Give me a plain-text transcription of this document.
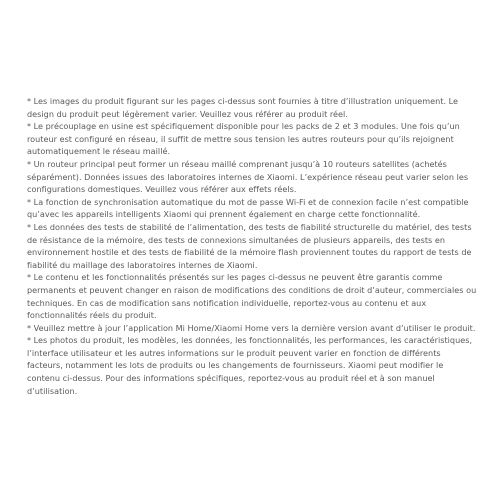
* Les images du produit figurant sur les pages ci-dessus sont fournies à titre d’illustration uniquement. Le design du produit peut légèrement varier. Veuillez vous référer au produit réel.

* Le précouplage en usine est spécifiquement disponible pour les packs de 2 et 3 modules. Une fois qu’un routeur est configuré en réseau, il suffit de mettre sous tension les autres routeurs pour qu’ils rejoignent automatiquement le réseau maillé.

* Un routeur principal peut former un réseau maillé comprenant jusqu’à 10 routeurs satellites (achetés séparément). Données issues des laboratoires internes de Xiaomi. L’expérience réseau peut varier selon les configurations domestiques. Veuillez vous référer aux effets réels.

* La fonction de synchronisation automatique du mot de passe Wi-Fi et de connexion facile n’est compatible qu’avec les appareils intelligents Xiaomi qui prennent également en charge cette fonctionnalité.

* Les données des tests de stabilité de l’alimentation, des tests de fiabilité structurelle du matériel, des tests de résistance de la mémoire, des tests de connexions simultanées de plusieurs appareils, des tests en environnement hostile et des tests de fiabilité de la mémoire flash proviennent toutes du rapport de tests de fiabilité du maillage des laboratoires internes de Xiaomi.

* Le contenu et les fonctionnalités présentés sur les pages ci-dessus ne peuvent être garantis comme permanents et peuvent changer en raison de modifications des conditions de droit d’auteur, commerciales ou techniques. En cas de modification sans notification individuelle, reportez-vous au contenu et aux fonctionnalités réels du produit.

* Veuillez mettre à jour l’application Mi Home/Xiaomi Home vers la dernière version avant d’utiliser le produit.

* Les photos du produit, les modèles, les données, les fonctionnalités, les performances, les caractéristiques, l’interface utilisateur et les autres informations sur le produit peuvent varier en fonction de différents facteurs, notamment les lots de produits ou les changements de fournisseurs. Xiaomi peut modifier le contenu ci-dessus. Pour des informations spécifiques, reportez-vous au produit réel et à son manuel d’utilisation.
